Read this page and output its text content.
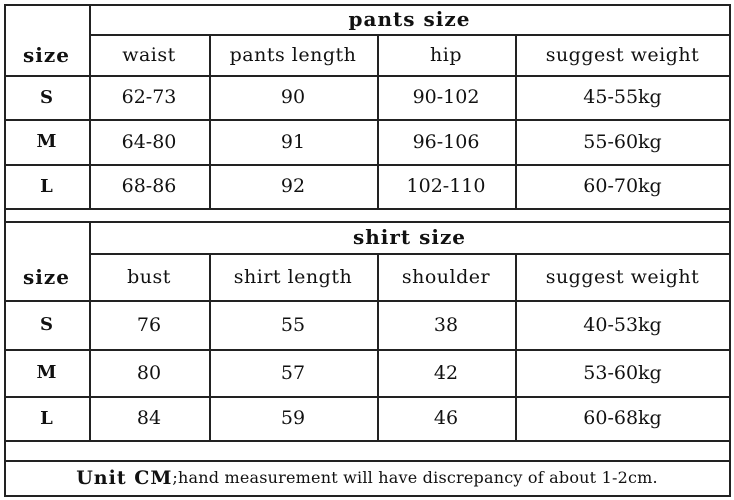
pants size
size	waist	pants length	hip	suggest weight
S	62-73	90	90-102	45-55kg
M	64-80	91	96-106	55-60kg
L	68-86	92	102-110	60-70kg
shirt size
size	bust	shirt length	shoulder	suggest weight
S	76	55	38	40-53kg
M	80	57	42	53-60kg
L	84	59	46	60-68kg
Unit CM ;hand measurement will have discrepancy of about 1-2cm.
